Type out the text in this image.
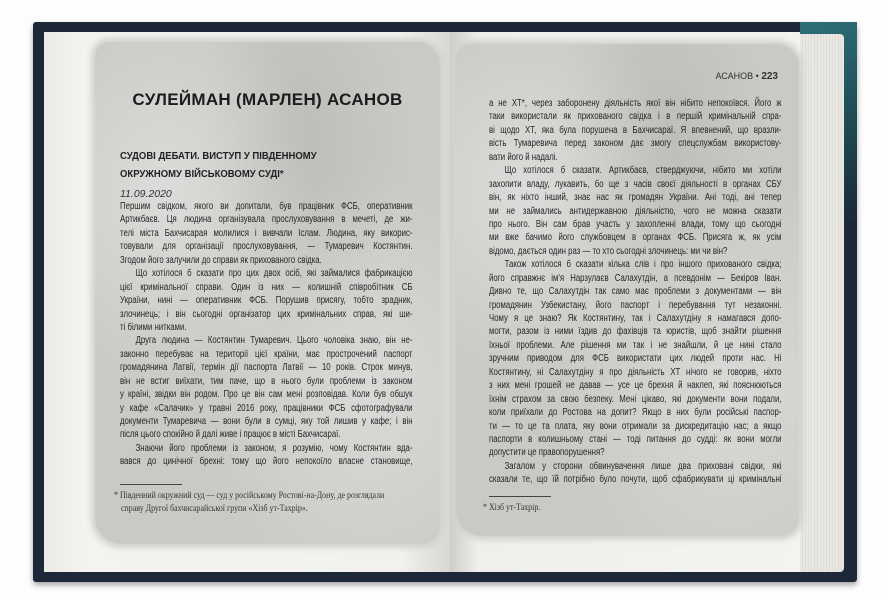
СУЛЕЙМАН (МАРЛЕН) АСАНОВ
СУДОВІ ДЕБАТИ. ВИСТУП У ПІВДЕННОМУ
ОКРУЖНОМУ ВІЙСЬКОВОМУ СУДІ*
11.09.2020
Першим свідком, якого ви допитали, був працівник ФСБ, оперативник
Артикбаєв. Ця людина організувала прослуховування в мечеті, де жи-
телі міста Бахчисарая молилися і вивчали Іслам. Людина, яку викорис-
товували для організації прослуховування, — Тумаревич Костянтин.
Згодом його залучили до справи як прихованого свідка.
Що хотілося б сказати про цих двох осіб, які займалися фабрикацією
цієї кримінальної справи. Один із них — колишній співробітник СБ
України, нині — оперативник ФСБ. Порушив присягу, тобто зрадник,
злочинець; і він сьогодні організатор цих кримінальних справ, які ши-
ті білими нитками.
Друга людина — Костянтин Тумаревич. Цього чоловіка знаю, він не-
законно перебуває на території цієї країни, має прострочений паспорт
громадянина Латвії, термін дії паспорта Латвії — 10 років. Строк минув,
він не встиг виїхати, тим паче, що в нього були проблеми із законом
у країні, звідки він родом. Про це він сам мені розповідав. Коли був обшук
у кафе «Салачик» у травні 2016 року, працівники ФСБ сфотографували
документи Тумаревича — вони були в сумці, яку той лишив у кафе; і він
після цього спокійно й далі живе і працює в місті Бахчисараї.
Знаючи його проблеми із законом, я розумію, чому Костянтин вда-
вався до цинічної брехні: тому що його непокоїло власне становище,
* Південний окружний суд — суд у російському Ростові-на-Дону, де розглядали
справу Другої бахчисарайської групи «Хізб ут-Тахрір».
АСАНОВ • 223
а не ХТ*, через заборонену діяльність якої він нібито непокоївся. Його ж
таки використали як прихованого свідка і в першій кримінальній спра-
ві щодо ХТ, яка була порушена в Бахчисараї. Я впевнений, що вразли-
вість Тумаревича перед законом дає змогу спецслужбам використову-
вати його й надалі.
Що хотілося б сказати. Артикбаєв, стверджуючи, нібито ми хотіли
захопити владу, лукавить, бо ще з часів своєї діяльності в органах СБУ
він, як ніхто інший, знає нас як громадян України. Ані тоді, ані тепер
ми не займались антидержавною діяльністю, чого не можна сказати
про нього. Він сам брав участь у захопленні влади, тому що сьогодні
ми вже бачимо його службовцем в органах ФСБ. Присяга ж, як усім
відомо, дається один раз — то хто сьогодні злочинець: ми чи він?
Також хотілося б сказати кілька слів і про іншого прихованого свідка;
його справжнє ім'я Нарзулаєв Салахутдін, а псевдонім — Бекіров Іван.
Дивно те, що Салахутдін так само має проблеми з документами — він
громадянин Узбекистану, його паспорт і перебування тут незаконні.
Чому я це знаю? Як Костянтину, так і Салахутдіну я намагався допо-
могти, разом із ними їздив до фахівців та юристів, щоб знайти рішення
їхньої проблеми. Але рішення ми так і не знайшли, й це нині стало
зручним приводом для ФСБ використати цих людей проти нас. Ні
Костянтину, ні Салахутдіну я про діяльність ХТ нічого не говорив, ніхто
з них мені грошей не давав — усе це брехня й наклеп, які пояснюються
їхнім страхом за свою безпеку. Мені цікаво, які документи вони подали,
коли приїхали до Ростова на допит? Якщо в них були російські паспор-
ти — то це та плата, яку вони отримали за дискредитацію нас; а якщо
паспорти в колишньому стані — тоді питання до судді: як вони могли
допустити це правопорушення?
Загалом у сторони обвинувачення лише два приховані свідки, які
сказали те, що їй потрібно було почути, щоб сфабрикувати ці кримінальні
* Хізб ут-Тахрір.
